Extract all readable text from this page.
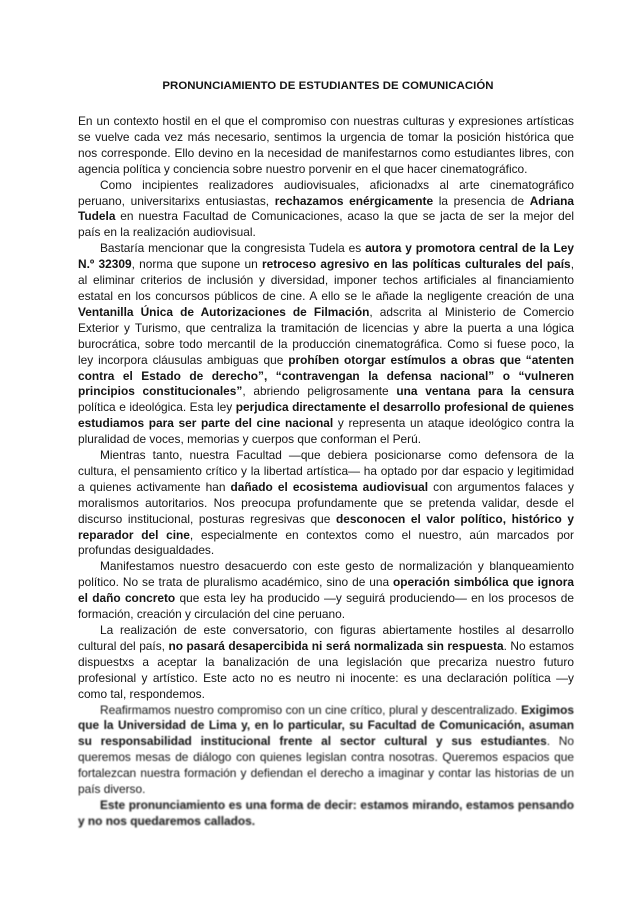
PRONUNCIAMIENTO DE ESTUDIANTES DE COMUNICACIÓN

En un contexto hostil en el que el compromiso con nuestras culturas y expresiones artísticas se vuelve cada vez más necesario, sentimos la urgencia de tomar la posición histórica que nos corresponde. Ello devino en la necesidad de manifestarnos como estudiantes libres, con agencia política y conciencia sobre nuestro porvenir en el que hacer cinematográfico.

Como incipientes realizadores audiovisuales, aficionadxs al arte cinematográfico peruano, universitarixs entusiastas, rechazamos enérgicamente la presencia de Adriana Tudela en nuestra Facultad de Comunicaciones, acaso la que se jacta de ser la mejor del país en la realización audiovisual.

Bastaría mencionar que la congresista Tudela es autora y promotora central de la Ley N.º 32309, norma que supone un retroceso agresivo en las políticas culturales del país, al eliminar criterios de inclusión y diversidad, imponer techos artificiales al financiamiento estatal en los concursos públicos de cine. A ello se le añade la negligente creación de una Ventanilla Única de Autorizaciones de Filmación, adscrita al Ministerio de Comercio Exterior y Turismo, que centraliza la tramitación de licencias y abre la puerta a una lógica burocrática, sobre todo mercantil de la producción cinematográfica. Como si fuese poco, la ley incorpora cláusulas ambiguas que prohíben otorgar estímulos a obras que “atenten contra el Estado de derecho”, “contravengan la defensa nacional” o “vulneren principios constitucionales”, abriendo peligrosamente una ventana para la censura política e ideológica. Esta ley perjudica directamente el desarrollo profesional de quienes estudiamos para ser parte del cine nacional y representa un ataque ideológico contra la pluralidad de voces, memorias y cuerpos que conforman el Perú.

Mientras tanto, nuestra Facultad —que debiera posicionarse como defensora de la cultura, el pensamiento crítico y la libertad artística— ha optado por dar espacio y legitimidad a quienes activamente han dañado el ecosistema audiovisual con argumentos falaces y moralismos autoritarios. Nos preocupa profundamente que se pretenda validar, desde el discurso institucional, posturas regresivas que desconocen el valor político, histórico y reparador del cine, especialmente en contextos como el nuestro, aún marcados por profundas desigualdades.

Manifestamos nuestro desacuerdo con este gesto de normalización y blanqueamiento político. No se trata de pluralismo académico, sino de una operación simbólica que ignora el daño concreto que esta ley ha producido —y seguirá produciendo— en los procesos de formación, creación y circulación del cine peruano.

La realización de este conversatorio, con figuras abiertamente hostiles al desarrollo cultural del país, no pasará desapercibida ni será normalizada sin respuesta. No estamos dispuestxs a aceptar la banalización de una legislación que precariza nuestro futuro profesional y artístico. Este acto no es neutro ni inocente: es una declaración política —y como tal, respondemos.

Reafirmamos nuestro compromiso con un cine crítico, plural y descentralizado. Exigimos que la Universidad de Lima y, en lo particular, su Facultad de Comunicación, asuman su responsabilidad institucional frente al sector cultural y sus estudiantes. No queremos mesas de diálogo con quienes legislan contra nosotras. Queremos espacios que fortalezcan nuestra formación y defiendan el derecho a imaginar y contar las historias de un país diverso.

Este pronunciamiento es una forma de decir: estamos mirando, estamos pensando y no nos quedaremos callados.
